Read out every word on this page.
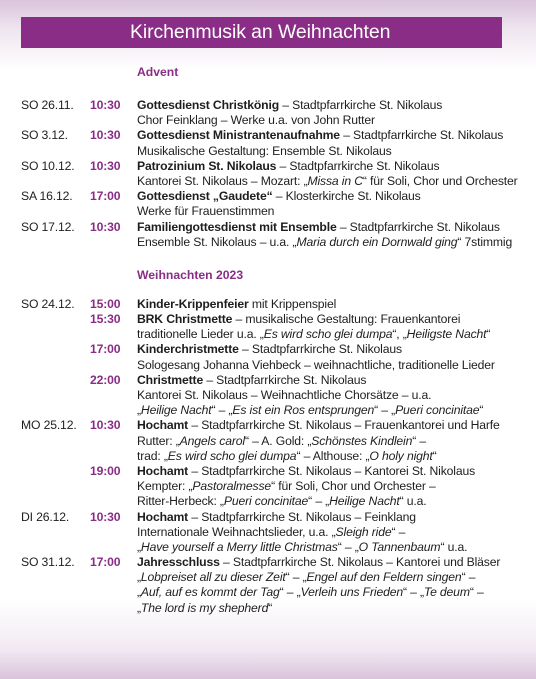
Kirchenmusik an Weihnachten
Advent
SO 26.11. 10:30 Gottesdienst Christkönig – Stadtpfarrkirche St. Nikolaus
Chor Feinklang – Werke u.a. von John Rutter
SO 3.12. 10:30 Gottesdienst Ministrantenaufnahme – Stadtpfarrkirche St. Nikolaus
Musikalische Gestaltung: Ensemble St. Nikolaus
SO 10.12. 10:30 Patrozinium St. Nikolaus – Stadtpfarrkirche St. Nikolaus
Kantorei St. Nikolaus – Mozart: „Missa in C“ für Soli, Chor und Orchester
SA 16.12. 17:00 Gottesdienst „Gaudete“ – Klosterkirche St. Nikolaus
Werke für Frauenstimmen
SO 17.12. 10:30 Familiengottesdienst mit Ensemble – Stadtpfarrkirche St. Nikolaus
Ensemble St. Nikolaus – u.a. „Maria durch ein Dornwald ging“ 7stimmig
Weihnachten 2023
SO 24.12. 15:00 Kinder-Krippenfeier mit Krippenspiel
15:30 BRK Christmette – musikalische Gestaltung: Frauenkantorei
traditionelle Lieder u.a. „Es wird scho glei dumpa“, „Heiligste Nacht“
17:00 Kinderchristmette – Stadtpfarrkirche St. Nikolaus
Sologesang Johanna Viehbeck – weihnachtliche, traditionelle Lieder
22:00 Christmette – Stadtpfarrkirche St. Nikolaus
Kantorei St. Nikolaus – Weihnachtliche Chorsätze – u.a.
„Heilige Nacht“ – „Es ist ein Ros entsprungen“ – „Pueri concinitae“
MO 25.12. 10:30 Hochamt – Stadtpfarrkirche St. Nikolaus – Frauenkantorei und Harfe
Rutter: „Angels carol“ – A. Gold: „Schönstes Kindlein“ –
trad: „Es wird scho glei dumpa“ – Althouse: „O holy night“
19:00 Hochamt – Stadtpfarrkirche St. Nikolaus – Kantorei St. Nikolaus
Kempter: „Pastoralmesse“ für Soli, Chor und Orchester –
Ritter-Herbeck: „Pueri concinitae“ – „Heilige Nacht“ u.a.
DI 26.12. 10:30 Hochamt – Stadtpfarrkirche St. Nikolaus – Feinklang
Internationale Weihnachtslieder, u.a. „Sleigh ride“ –
„Have yourself a Merry little Christmas“ – „O Tannenbaum“ u.a.
SO 31.12. 17:00 Jahresschluss – Stadtpfarrkirche St. Nikolaus – Kantorei und Bläser
„Lobpreiset all zu dieser Zeit“ – „Engel auf den Feldern singen“ –
„Auf, auf es kommt der Tag“ – „Verleih uns Frieden“ – „Te deum“ –
„The lord is my shepherd“
